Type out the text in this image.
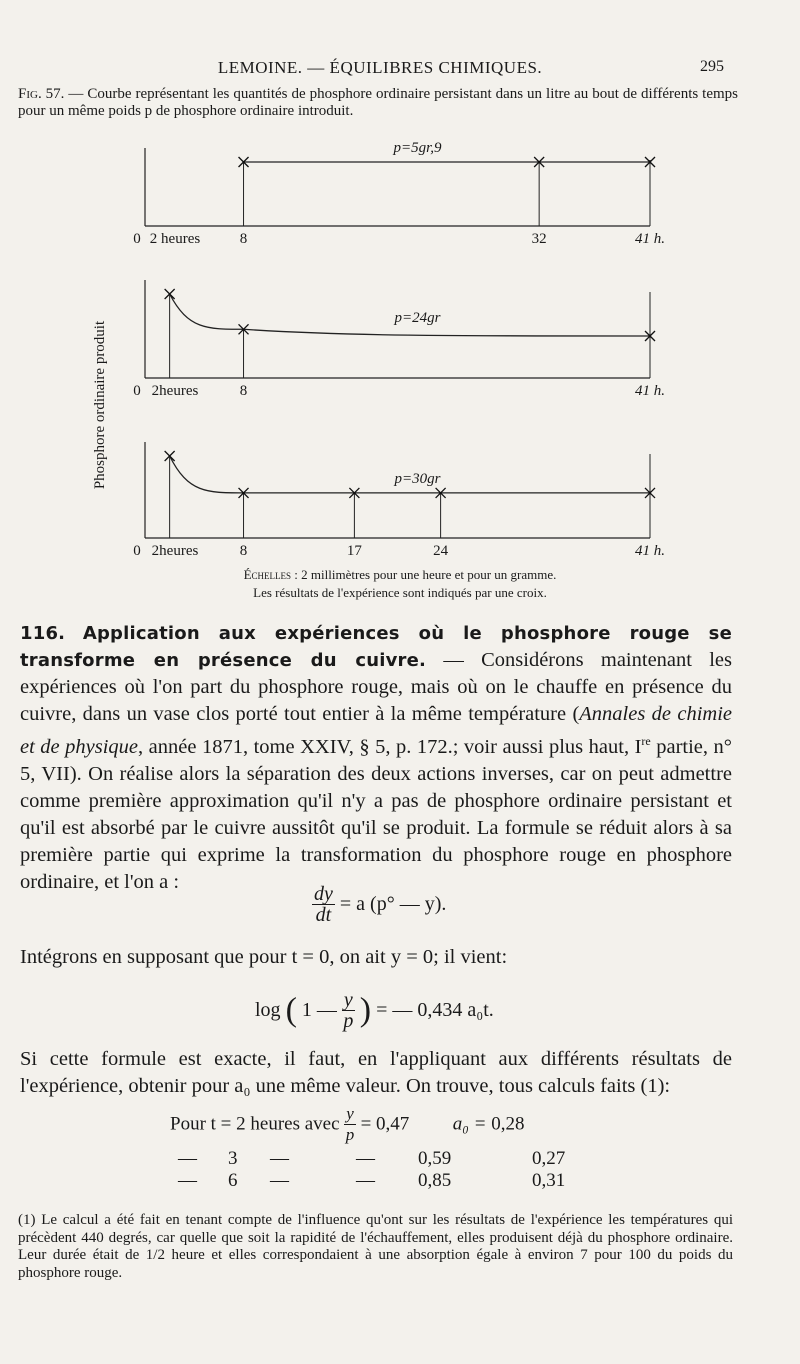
LEMOINE. — ÉQUILIBRES CHIMIQUES.	295
Fig. 57. — Courbe représentant les quantités de phosphore ordinaire persistant dans un litre au bout de différents temps pour un même poids p de phosphore ordinaire introduit.
Phosphore ordinaire produit
p=5gr,9
0 2 heures	8	32	41 h.
p=24gr
0 2heures	8	41 h.
p=30gr
0 2heures	8	17	24	41 h.
Échelles : 2 millimètres pour une heure et pour un gramme.
Les résultats de l'expérience sont indiqués par une croix.
116. Application aux expériences où le phosphore rouge se transforme en présence du cuivre. — Considérons maintenant les expériences où l'on part du phosphore rouge, mais où on le chauffe en présence du cuivre, dans un vase clos porté tout entier à la même température (Annales de chimie et de physique, année 1871, tome XXIV, § 5, p. 172.; voir aussi plus haut, Ire partie, n° 5, VII). On réalise alors la séparation des deux actions inverses, car on peut admettre comme première approximation qu'il n'y a pas de phosphore ordinaire persistant et qu'il est absorbé par le cuivre aussitôt qu'il se produit. La formule se réduit alors à sa première partie qui exprime la transformation du phosphore rouge en phosphore ordinaire, et l'on a :
$\frac{dy}{dt} = a$ (p° — y).
Intégrons en supposant que pour t = 0, on ait y = 0; il vient:
log ( 1 — $\frac{y}{p}$ ) = — 0,434 a₀t.
Si cette formule est exacte, il faut, en l'appliquant aux différents résultats de l'expérience, obtenir pour a₀ une même valeur. On trouve, tous calculs faits (1):
Pour t = 2 heures avec $\frac{y}{p} = 0,47$ a₀ = 0,28
— 3 —	— 0,59	0,27
— 6 —	— 0,85	0,31
(1) Le calcul a été fait en tenant compte de l'influence qu'ont sur les résultats de l'expérience les températures qui précèdent 440 degrés, car quelle que soit la rapidité de l'échauffement, elles produisent déjà du phosphore ordinaire. Leur durée était de 1/2 heure et elles correspondaient à une absorption égale à environ 7 pour 100 du poids du phosphore rouge.
